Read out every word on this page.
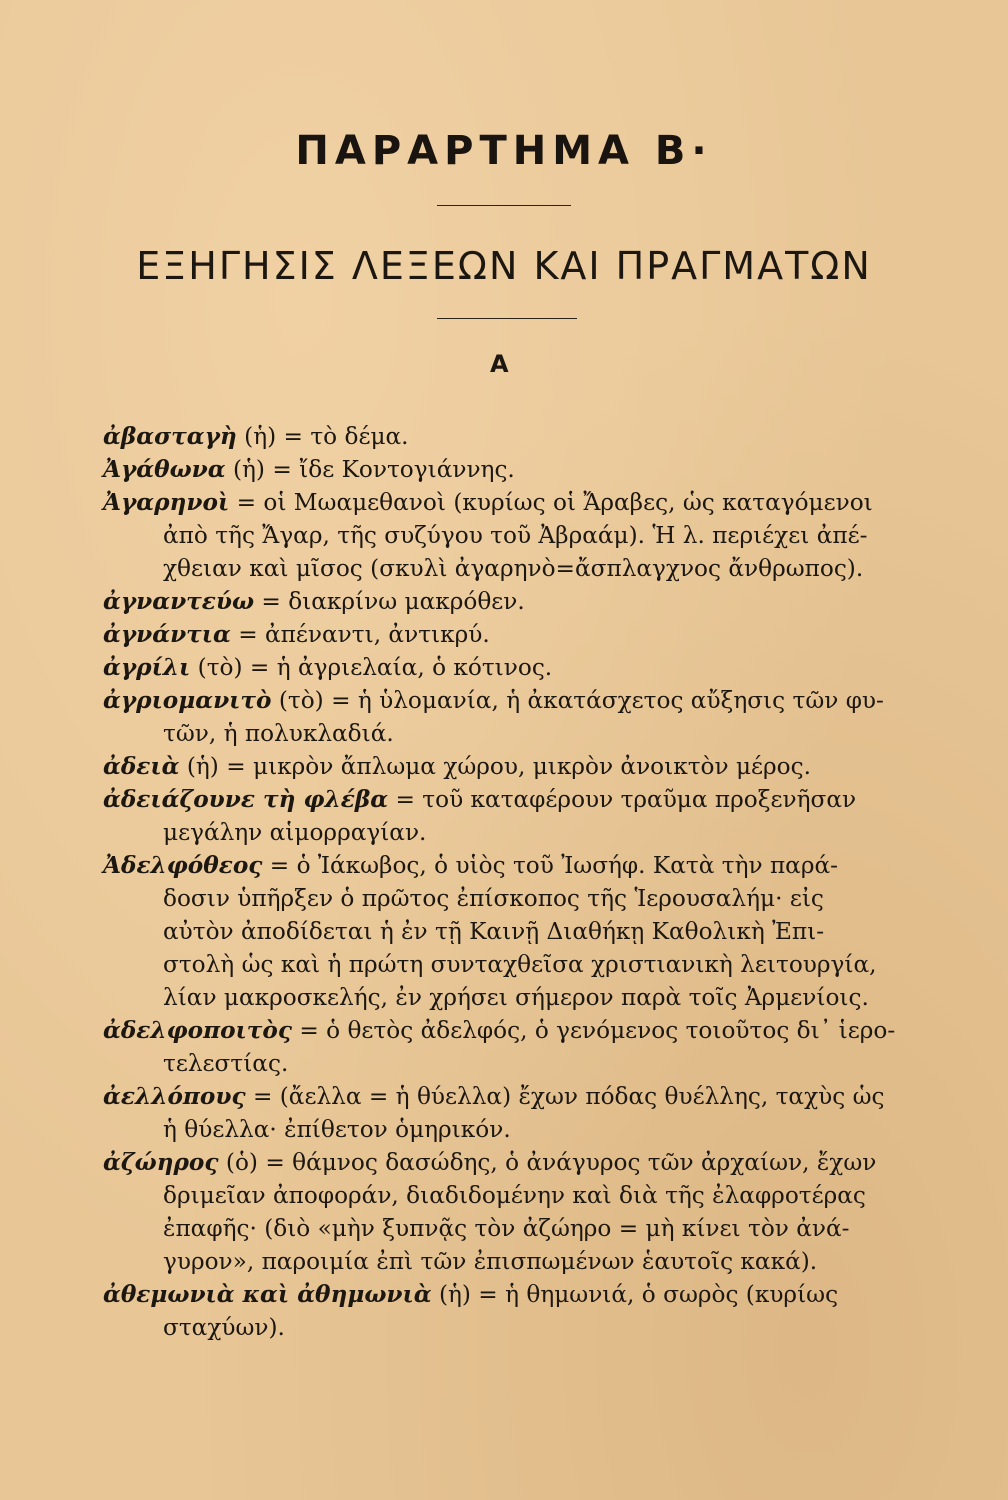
ΠΑΡΑΡΤΗΜΑ Β·
ΕΞΗΓΗΣΙΣ ΛΕΞΕΩΝ ΚΑΙ ΠΡΑΓΜΑΤΩΝ
Α
ἀβασταγὴ (ἡ) = τὸ δέμα.
Ἀγάθωνα (ἡ) = ἴδε Κοντογιάννης.
Ἀγαρηνοὶ = οἱ Μωαμεθανοὶ (κυρίως οἱ Ἄραβες, ὡς καταγόμενοι
ἀπὸ τῆς Ἄγαρ, τῆς συζύγου τοῦ Ἀβραάμ). Ἡ λ. περιέχει ἀπέ-
χθειαν καὶ μῖσος (σκυλὶ ἀγαρηνὸ=ἄσπλαγχνος ἄνθρωπος).
ἀγναντεύω = διακρίνω μακρόθεν.
ἀγνάντια = ἀπέναντι, ἀντικρύ.
ἀγρίλι (τὸ) = ἡ ἀγριελαία, ὁ κότινος.
ἀγριομανιτὸ (τὸ) = ἡ ὑλομανία, ἡ ἀκατάσχετος αὔξησις τῶν φυ-
τῶν, ἡ πολυκλαδιά.
ἀδειὰ (ἡ) = μικρὸν ἄπλωμα χώρου, μικρὸν ἀνοικτὸν μέρος.
ἀδειάζουνε τὴ φλέβα = τοῦ καταφέρουν τραῦμα προξενῆσαν
μεγάλην αἱμορραγίαν.
Ἀδελφόθεος = ὁ Ἰάκωβος, ὁ υἱὸς τοῦ Ἰωσήφ. Κατὰ τὴν παρά-
δοσιν ὑπῆρξεν ὁ πρῶτος ἐπίσκοπος τῆς Ἱερουσαλήμ· εἰς
αὐτὸν ἀποδίδεται ἡ ἐν τῇ Καινῇ Διαθήκῃ Καθολικὴ Ἐπι-
στολὴ ὡς καὶ ἡ πρώτη συνταχθεῖσα χριστιανικὴ λειτουργία,
λίαν μακροσκελής, ἐν χρήσει σήμερον παρὰ τοῖς Ἀρμενίοις.
ἀδελφοποιτὸς = ὁ θετὸς ἀδελφός, ὁ γενόμενος τοιοῦτος δι᾽ ἱερο-
τελεστίας.
ἀελλόπους = (ἄελλα = ἡ θύελλα) ἔχων πόδας θυέλλης, ταχὺς ὡς
ἡ θύελλα· ἐπίθετον ὁμηρικόν.
ἀζώηρος (ὁ) = θάμνος δασώδης, ὁ ἀνάγυρος τῶν ἀρχαίων, ἔχων
δριμεῖαν ἀποφοράν, διαδιδομένην καὶ διὰ τῆς ἐλαφροτέρας
ἐπαφῆς· (διὸ «μὴν ξυπνᾷς τὸν ἀζώηρο = μὴ κίνει τὸν ἀνά-
γυρον», παροιμία ἐπὶ τῶν ἐπισπωμένων ἑαυτοῖς κακά).
ἀθεμωνιὰ καὶ ἀθημωνιὰ (ἡ) = ἡ θημωνιά, ὁ σωρὸς (κυρίως
σταχύων).
